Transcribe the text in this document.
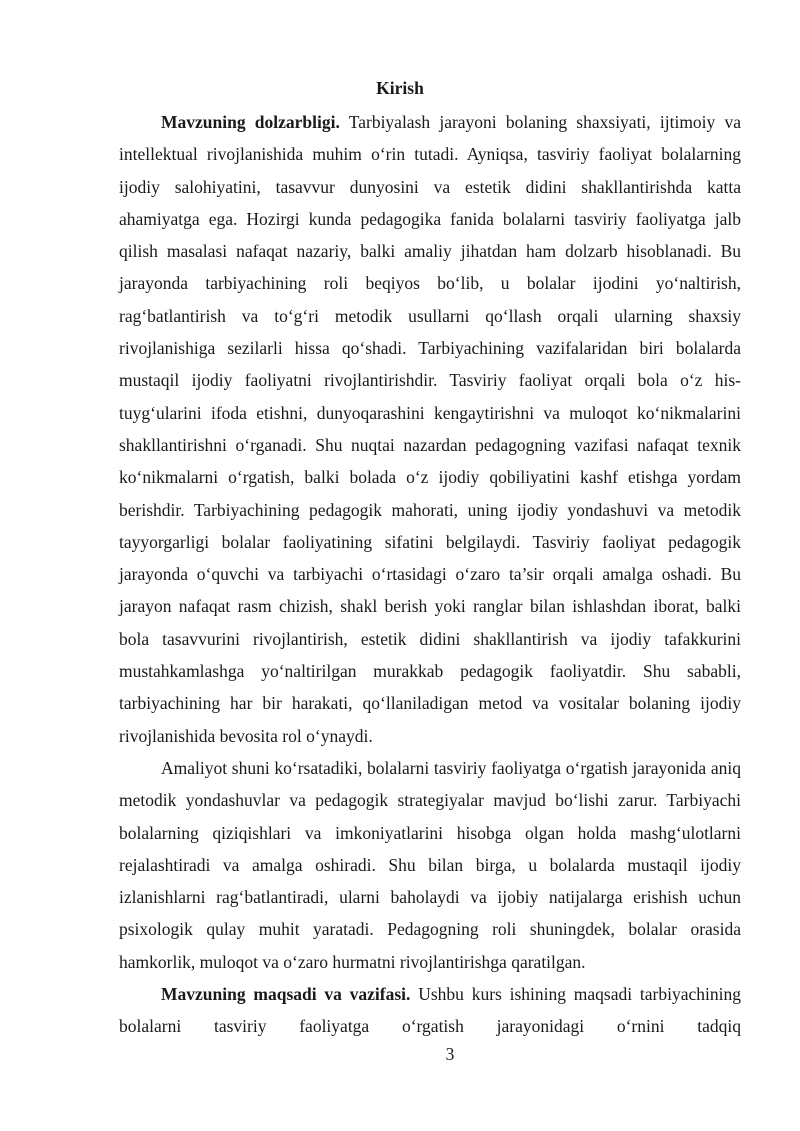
Kirish

Mavzuning dolzarbligi. Tarbiyalash jarayoni bolaning shaxsiyati, ijtimoiy va intellektual rivojlanishida muhim o‘rin tutadi. Ayniqsa, tasviriy faoliyat bolalarning ijodiy salohiyatini, tasavvur dunyosini va estetik didini shakllantirishda katta ahamiyatga ega. Hozirgi kunda pedagogika fanida bolalarni tasviriy faoliyatga jalb qilish masalasi nafaqat nazariy, balki amaliy jihatdan ham dolzarb hisoblanadi. Bu jarayonda tarbiyachining roli beqiyos bo‘lib, u bolalar ijodini yo‘naltirish, rag‘batlantirish va to‘g‘ri metodik usullarni qo‘llash orqali ularning shaxsiy rivojlanishiga sezilarli hissa qo‘shadi. Tarbiyachining vazifalaridan biri bolalarda mustaqil ijodiy faoliyatni rivojlantirishdir. Tasviriy faoliyat orqali bola o‘z his-tuyg‘ularini ifoda etishni, dunyoqarashini kengaytirishni va muloqot ko‘nikmalarini shakllantirishni o‘rganadi. Shu nuqtai nazardan pedagogning vazifasi nafaqat texnik ko‘nikmalarni o‘rgatish, balki bolada o‘z ijodiy qobiliyatini kashf etishga yordam berishdir. Tarbiyachining pedagogik mahorati, uning ijodiy yondashuvi va metodik tayyorgarligi bolalar faoliyatining sifatini belgilaydi. Tasviriy faoliyat pedagogik jarayonda o‘quvchi va tarbiyachi o‘rtasidagi o‘zaro ta’sir orqali amalga oshadi. Bu jarayon nafaqat rasm chizish, shakl berish yoki ranglar bilan ishlashdan iborat, balki bola tasavvurini rivojlantirish, estetik didini shakllantirish va ijodiy tafakkurini mustahkamlashga yo‘naltirilgan murakkab pedagogik faoliyatdir. Shu sababli, tarbiyachining har bir harakati, qo‘llaniladigan metod va vositalar bolaning ijodiy rivojlanishida bevosita rol o‘ynaydi.

Amaliyot shuni ko‘rsatadiki, bolalarni tasviriy faoliyatga o‘rgatish jarayonida aniq metodik yondashuvlar va pedagogik strategiyalar mavjud bo‘lishi zarur. Tarbiyachi bolalarning qiziqishlari va imkoniyatlarini hisobga olgan holda mashg‘ulotlarni rejalashtiradi va amalga oshiradi. Shu bilan birga, u bolalarda mustaqil ijodiy izlanishlarni rag‘batlantiradi, ularni baholaydi va ijobiy natijalarga erishish uchun psixologik qulay muhit yaratadi. Pedagogning roli shuningdek, bolalar orasida hamkorlik, muloqot va o‘zaro hurmatni rivojlantirishga qaratilgan.

Mavzuning maqsadi va vazifasi. Ushbu kurs ishining maqsadi tarbiyachining bolalarni tasviriy faoliyatga o‘rgatish jarayonidagi o‘rnini tadqiq

3
